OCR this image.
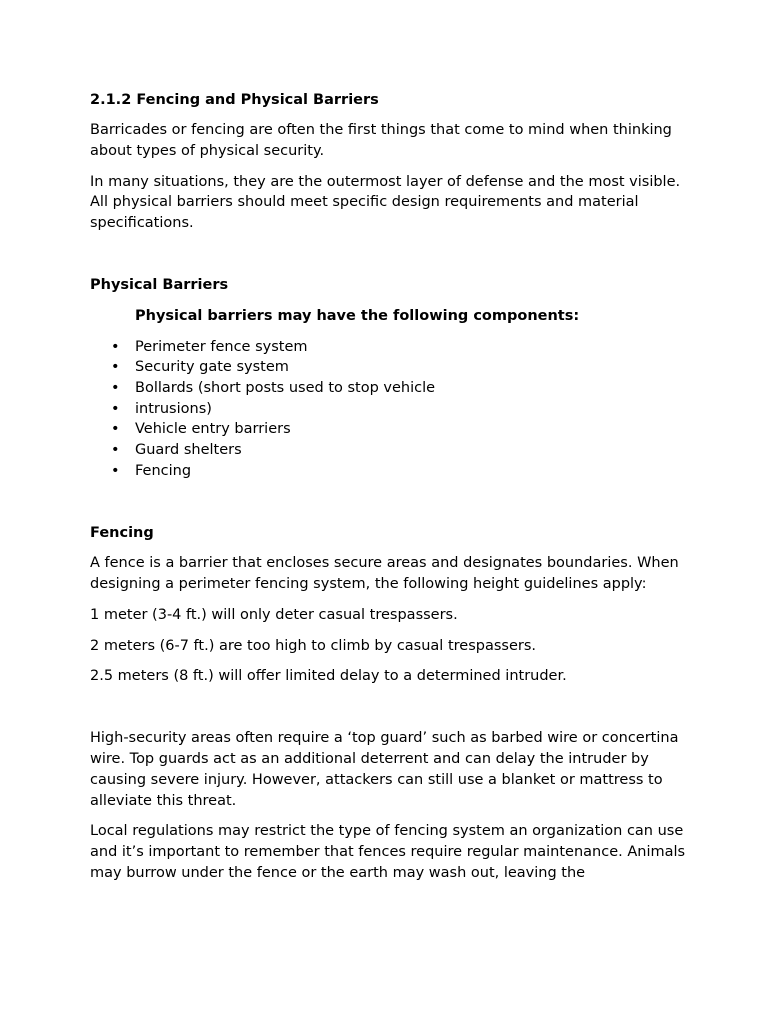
2.1.2 Fencing and Physical Barriers

Barricades or fencing are often the first things that come to mind when thinking about types of physical security.

In many situations, they are the outermost layer of defense and the most visible. All physical barriers should meet specific design requirements and material specifications.

Physical Barriers
Physical barriers may have the following components:
• Perimeter fence system
• Security gate system
• Bollards (short posts used to stop vehicle
• intrusions)
• Vehicle entry barriers
• Guard shelters
• Fencing
Fencing

A fence is a barrier that encloses secure areas and designates boundaries. When designing a perimeter fencing system, the following height guidelines apply:

1 meter (3-4 ft.) will only deter casual trespassers.

2 meters (6-7 ft.) are too high to climb by casual trespassers.

2.5 meters (8 ft.) will offer limited delay to a determined intruder.

High-security areas often require a ‘top guard’ such as barbed wire or concertina wire. Top guards act as an additional deterrent and can delay the intruder by causing severe injury. However, attackers can still use a blanket or mattress to alleviate this threat.

Local regulations may restrict the type of fencing system an organization can use and it’s important to remember that fences require regular maintenance. Animals may burrow under the fence or the earth may wash out, leaving the
